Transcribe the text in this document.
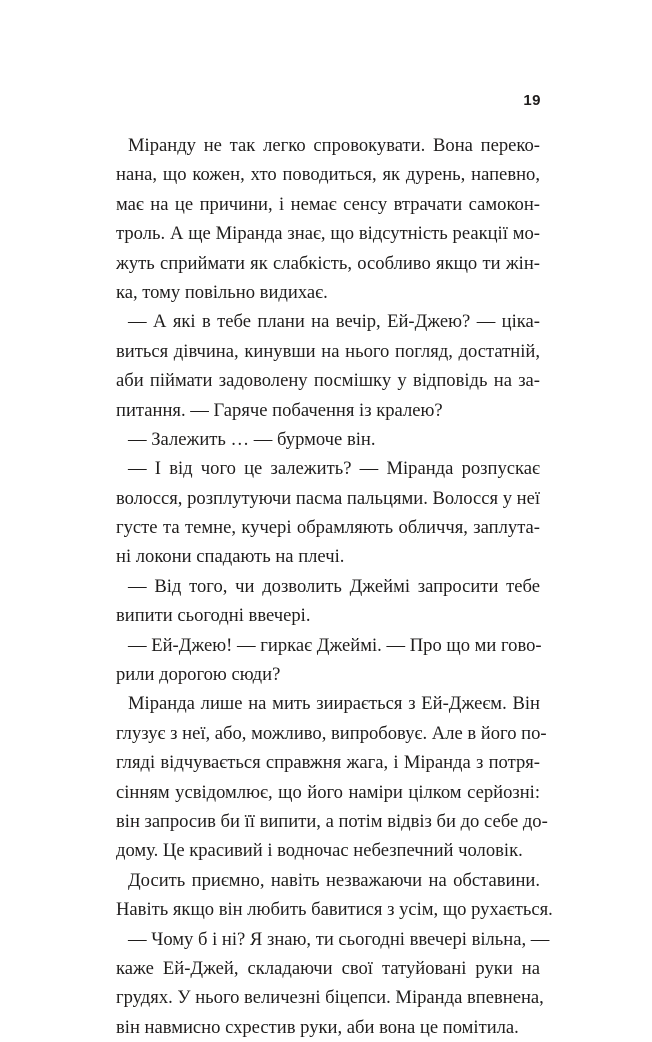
19
Міранду не так легко спровокувати. Вона переко-
нана, що кожен, хто поводиться, як дурень, напевно,
має на це причини, і немає сенсу втрачати самокон-
троль. А ще Міранда знає, що відсутність реакції мо-
жуть сприймати як слабкість, особливо якщо ти жін-
ка, тому повільно видихає.
— А які в тебе плани на вечір, Ей-Джею? — ціка-
виться дівчина, кинувши на нього погляд, достатній,
аби піймати задоволену посмішку у відповідь на за-
питання. — Гаряче побачення із кралею?
— Залежить … — бурмоче він.
— І від чого це залежить? — Міранда розпускає
волосся, розплутуючи пасма пальцями. Волосся у неї
густе та темне, кучері обрамляють обличчя, заплута-
ні локони спадають на плечі.
— Від того, чи дозволить Джеймі запросити тебе
випити сьогодні ввечері.
— Ей-Джею! — гиркає Джеймі. — Про що ми гово-
рили дорогою сюди?
Міранда лише на мить зиирається з Ей-Джеєм. Він
глузує з неї, або, можливо, випробовує. Але в його по-
гляді відчувається справжня жага, і Міранда з потря-
сінням усвідомлює, що його наміри цілком серйозні:
він запросив би її випити, а потім відвіз би до себе до-
дому. Це красивий і водночас небезпечний чоловік.
Досить приємно, навіть незважаючи на обставини.
Навіть якщо він любить бавитися з усім, що рухається.
— Чому б і ні? Я знаю, ти сьогодні ввечері вільна, —
каже Ей-Джей, складаючи свої татуйовані руки на
грудях. У нього величезні біцепси. Міранда впевнена,
він навмисно схрестив руки, аби вона це помітила.
